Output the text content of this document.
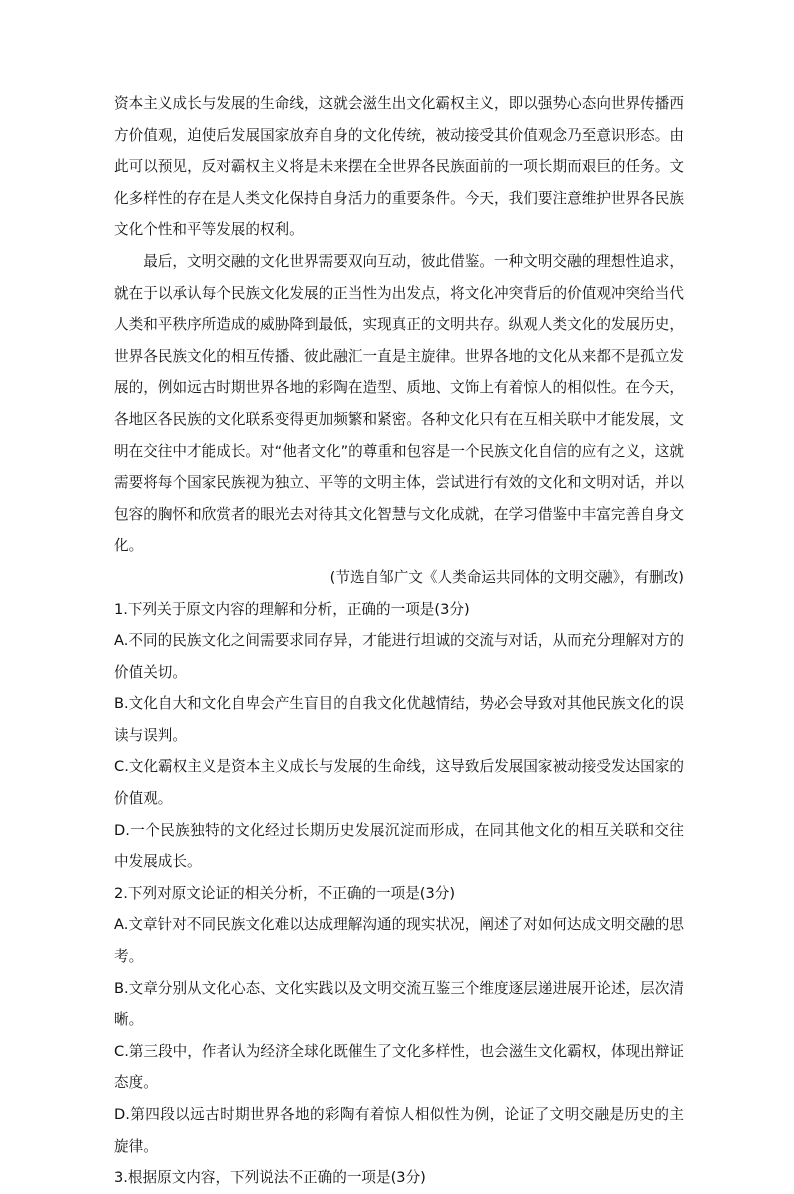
资本主义成长与发展的生命线，这就会滋生出文化霸权主义，即以强势心态向世界传播西方价值观，迫使后发展国家放弃自身的文化传统，被动接受其价值观念乃至意识形态。由此可以预见，反对霸权主义将是未来摆在全世界各民族面前的一项长期而艰巨的任务。文化多样性的存在是人类文化保持自身活力的重要条件。今天，我们要注意维护世界各民族文化个性和平等发展的权利。

最后，文明交融的文化世界需要双向互动，彼此借鉴。一种文明交融的理想性追求，就在于以承认每个民族文化发展的正当性为出发点，将文化冲突背后的价值观冲突给当代人类和平秩序所造成的威胁降到最低，实现真正的文明共存。纵观人类文化的发展历史，世界各民族文化的相互传播、彼此融汇一直是主旋律。世界各地的文化从来都不是孤立发展的，例如远古时期世界各地的彩陶在造型、质地、文饰上有着惊人的相似性。在今天，各地区各民族的文化联系变得更加频繁和紧密。各种文化只有在互相关联中才能发展，文明在交往中才能成长。对“他者文化”的尊重和包容是一个民族文化自信的应有之义，这就需要将每个国家民族视为独立、平等的文明主体，尝试进行有效的文化和文明对话，并以包容的胸怀和欣赏者的眼光去对待其文化智慧与文化成就，在学习借鉴中丰富完善自身文化。

(节选自邹广文《人类命运共同体的文明交融》，有删改)

1.下列关于原文内容的理解和分析，正确的一项是(3分)

A.不同的民族文化之间需要求同存异，才能进行坦诚的交流与对话，从而充分理解对方的价值关切。

B.文化自大和文化自卑会产生盲目的自我文化优越情结，势必会导致对其他民族文化的误读与误判。

C.文化霸权主义是资本主义成长与发展的生命线，这导致后发展国家被动接受发达国家的价值观。

D.一个民族独特的文化经过长期历史发展沉淀而形成，在同其他文化的相互关联和交往中发展成长。

2.下列对原文论证的相关分析，不正确的一项是(3分)

A.文章针对不同民族文化难以达成理解沟通的现实状况，阐述了对如何达成文明交融的思考。

B.文章分别从文化心态、文化实践以及文明交流互鉴三个维度逐层递进展开论述，层次清晰。

C.第三段中，作者认为经济全球化既催生了文化多样性，也会滋生文化霸权，体现出辩证态度。

D.第四段以远古时期世界各地的彩陶有着惊人相似性为例，论证了文明交融是历史的主旋律。

3.根据原文内容，下列说法不正确的一项是(3分)
